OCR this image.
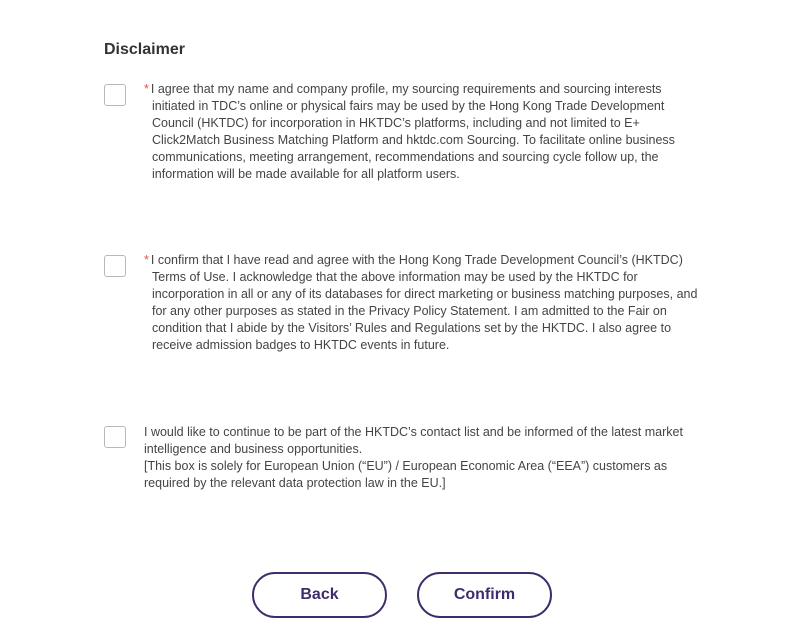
Disclaimer

* I agree that my name and company profile, my sourcing requirements and sourcing interests initiated in TDC’s online or physical fairs may be used by the Hong Kong Trade Development Council (HKTDC) for incorporation in HKTDC’s platforms, including and not limited to E+ Click2Match Business Matching Platform and hktdc.com Sourcing. To facilitate online business communications, meeting arrangement, recommendations and sourcing cycle follow up, the information will be made available for all platform users.

* I confirm that I have read and agree with the Hong Kong Trade Development Council’s (HKTDC) Terms of Use. I acknowledge that the above information may be used by the HKTDC for incorporation in all or any of its databases for direct marketing or business matching purposes, and for any other purposes as stated in the Privacy Policy Statement. I am admitted to the Fair on condition that I abide by the Visitors’ Rules and Regulations set by the HKTDC. I also agree to receive admission badges to HKTDC events in future.

I would like to continue to be part of the HKTDC’s contact list and be informed of the latest market intelligence and business opportunities.

[This box is solely for European Union (“EU”) / European Economic Area (“EEA”) customers as required by the relevant data protection law in the EU.]

Back	Confirm
